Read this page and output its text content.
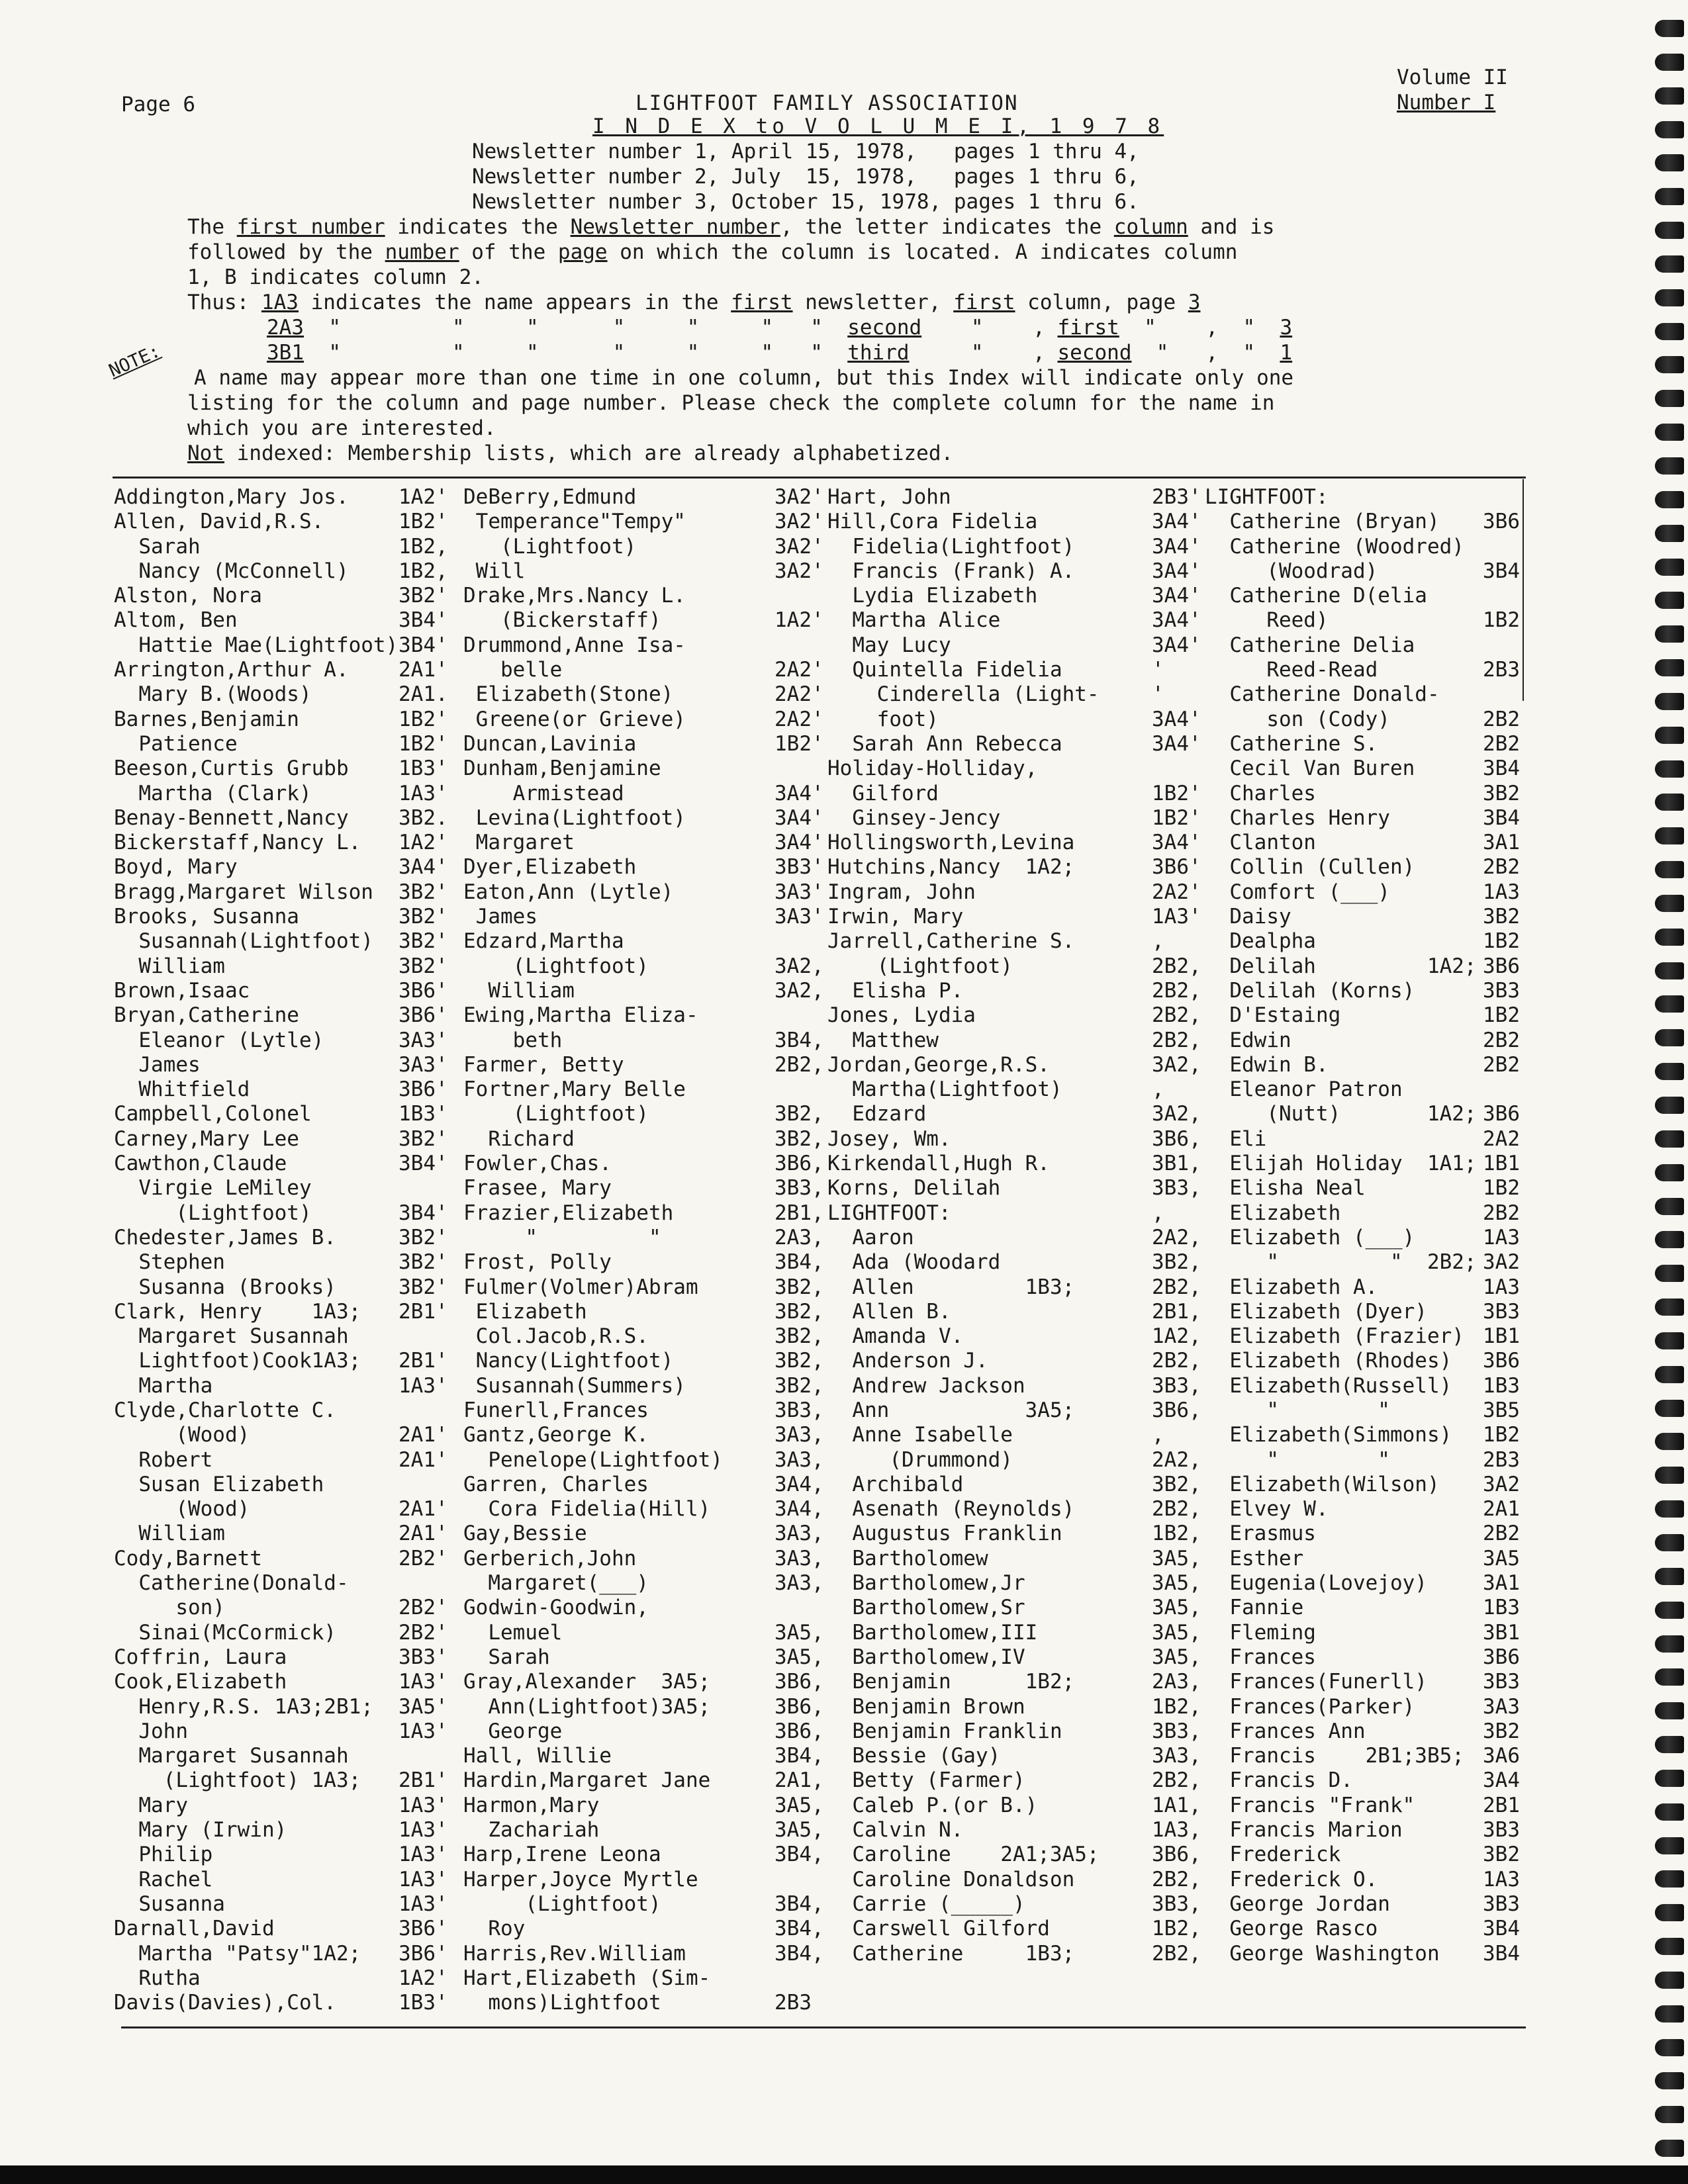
Page 6	LIGHTFOOT FAMILY ASSOCIATION
Volume II
Number I
I N D E X to V O L U M E I, 1 9 7 8
Newsletter number 1, April 15, 1978,   pages 1 thru 4,
Newsletter number 2, July  15, 1978,   pages 1 thru 6,
Newsletter number 3, October 15, 1978, pages 1 thru 6.
The first number indicates the Newsletter number, the letter indicates the column and is
followed by the number of the page on which the column is located. A indicates column
1, B indicates column 2.
Thus: 1A3 indicates the name appears in the first newsletter, first column, page 3
2A3  "         "     "      "     "     "   "  second    "    , first  "    ,  "  3
3B1  "         "     "      "     "     "   "  third     "    , second  "   ,  "  1
NOTE: A name may appear more than one time in one column, but this Index will indicate only one
listing for the column and page number. Please check the complete column for the name in
which you are interested.
Not indexed: Membership lists, which are already alphabetized.
Addington,Mary Jos.	1A2'
Allen, David,R.S.	1B2'
Sarah	1B2,
Nancy (McConnell)	1B2,
Alston, Nora	3B2'
Altom, Ben	3B4'
Hattie Mae(Lightfoot) 3B4'
Arrington,Arthur A.	2A1'
Mary B.(Woods)	2A1.
Barnes,Benjamin	1B2'
Patience	1B2'
Beeson,Curtis Grubb	1B3'
Martha (Clark)	1A3'
Benay-Bennett,Nancy	3B2.
Bickerstaff,Nancy L.	1A2'
Boyd, Mary	3A4'
Bragg,Margaret Wilson	3B2'
Brooks, Susanna	3B2'
Susannah(Lightfoot) 3B2'
William	3B2'
Brown,Isaac	3B6'
Bryan,Catherine	3B6'
Eleanor (Lytle)	3A3'
James	3A3'
Whitfield	3B6'
Campbell,Colonel	1B3'
Carney,Mary Lee	3B2'
Cawthon,Claude	3B4'
Virgie LeMiley
(Lightfoot)	3B4'
Chedester,James B.	3B2'
Stephen	3B2'
Susanna (Brooks)	3B2'
Clark, Henry    1A3;	2B1'
Margaret Susannah
Lightfoot)Cook1A3;	2B1'
Martha	1A3'
Clyde,Charlotte C.
(Wood)	2A1'
Robert	2A1'
Susan Elizabeth
(Wood)	2A1'
William	2A1'
Cody,Barnett	2B2'
Catherine(Donald-
son)	2B2'
Sinai(McCormick)	2B2'
Coffrin, Laura	3B3'
Cook,Elizabeth	1A3'
Henry,R.S. 1A3;2B1;	3A5'
John	1A3'
Margaret Susannah
(Lightfoot) 1A3;	2B1'
Mary	1A3'
Mary (Irwin)	1A3'
Philip	1A3'
Rachel	1A3'
Susanna	1A3'
Darnall,David	3B6'
Martha "Patsy"1A2;	3B6'
Rutha	1A2'
Davis(Davies),Col.	1B3'
DeBerry,Edmund	3A2'
Temperance"Tempy"	3A2'
(Lightfoot)	3A2'
Will	3A2'
Drake,Mrs.Nancy L.
(Bickerstaff)	1A2'
Drummond,Anne Isa-
belle	2A2'
Elizabeth(Stone)	2A2'
Greene(or Grieve)	2A2'
Duncan,Lavinia	1B2'
Dunham,Benjamine
Armistead	3A4'
Levina(Lightfoot)	3A4'
Margaret	3A4'
Dyer,Elizabeth	3B3'
Eaton,Ann (Lytle)	3A3'
James	3A3'
Edzard,Martha
(Lightfoot)	3A2,
William	3A2,
Ewing,Martha Eliza-
beth	3B4,
Farmer, Betty	2B2,
Fortner,Mary Belle
(Lightfoot)	3B2,
Richard	3B2,
Fowler,Chas.	3B6,
Frasee, Mary	3B3,
Frazier,Elizabeth	2B1,
"         "	2A3,
Frost, Polly	3B4,
Fulmer(Volmer)Abram	3B2,
Elizabeth	3B2,
Col.Jacob,R.S.	3B2,
Nancy(Lightfoot)	3B2,
Susannah(Summers)	3B2,
Funerll,Frances	3B3,
Gantz,George K.	3A3,
Penelope(Lightfoot)	3A3,
Garren, Charles	3A4,
Cora Fidelia(Hill)	3A4,
Gay,Bessie	3A3,
Gerberich,John	3A3,
Margaret(___)	3A3,
Godwin-Goodwin,
Lemuel	3A5,
Sarah	3A5,
Gray,Alexander  3A5;	3B6,
Ann(Lightfoot)3A5;	3B6,
George	3B6,
Hall, Willie	3B4,
Hardin,Margaret Jane	2A1,
Harmon,Mary	3A5,
Zachariah	3A5,
Harp,Irene Leona	3B4,
Harper,Joyce Myrtle
(Lightfoot)	3B4,
Roy	3B4,
Harris,Rev.William	3B4,
Hart,Elizabeth (Sim-
mons)Lightfoot	2B3
Hart, John	2B3'
Hill,Cora Fidelia	3A4'
Fidelia(Lightfoot)	3A4'
Francis (Frank) A.	3A4'
Lydia Elizabeth	3A4'
Martha Alice	3A4'
May Lucy	3A4'
Quintella Fidelia	'
Cinderella (Light-	'
foot)	3A4'
Sarah Ann Rebecca	3A4'
Holiday-Holliday,
Gilford	1B2'
Ginsey-Jency	1B2'
Hollingsworth,Levina	3A4'
Hutchins,Nancy  1A2;	3B6'
Ingram, John	2A2'
Irwin, Mary	1A3'
Jarrell,Catherine S.	,
(Lightfoot)	2B2,
Elisha P.	2B2,
Jones, Lydia	2B2,
Matthew	2B2,
Jordan,George,R.S.	3A2,
Martha(Lightfoot)	,
Edzard	3A2,
Josey, Wm.	3B6,
Kirkendall,Hugh R.	3B1,
Korns, Delilah	3B3,
LIGHTFOOT:	,
Aaron	2A2,
Ada (Woodard	3B2,
Allen         1B3;	2B2,
Allen B.	2B1,
Amanda V.	1A2,
Anderson J.	2B2,
Andrew Jackson	3B3,
Ann           3A5;	3B6,
Anne Isabelle	,
(Drummond)	2A2,
Archibald	3B2,
Asenath (Reynolds)	2B2,
Augustus Franklin	1B2,
Bartholomew	3A5,
Bartholomew,Jr	3A5,
Bartholomew,Sr	3A5,
Bartholomew,III	3A5,
Bartholomew,IV	3A5,
Benjamin      1B2;	2A3,
Benjamin Brown	1B2,
Benjamin Franklin	3B3,
Bessie (Gay)	3A3,
Betty (Farmer)	2B2,
Caleb P.(or B.)	1A1,
Calvin N.	1A3,
Caroline    2A1;3A5;	3B6,
Caroline Donaldson	2B2,
Carrie (_____)	3B3,
Carswell Gilford	1B2,
Catherine     1B3;	2B2,
LIGHTFOOT:
Catherine (Bryan) 3B6
Catherine (Woodred)
(Woodrad) 3B4
Catherine D(elia
Reed) 1B2
Catherine Delia
Reed-Read 2B3
Catherine Donald-
son (Cody) 2B2
Catherine S. 2B2
Cecil Van Buren 3B4
Charles 3B2
Charles Henry 3B4
Clanton 3A1
Collin (Cullen) 2B2
Comfort (___) 1A3
Daisy 3B2
Dealpha 1B2
Delilah         1A2; 3B6
Delilah (Korns) 3B3
D'Estaing 1B2
Edwin 2B2
Edwin B. 2B2
Eleanor Patron
(Nutt)       1A2; 3B6
Eli 2A2
Elijah Holiday  1A1; 1B1
Elisha Neal 1B2
Elizabeth 2B2
Elizabeth (___) 1A3
"         "  2B2; 3A2
Elizabeth A. 1A3
Elizabeth (Dyer) 3B3
Elizabeth (Frazier) 1B1
Elizabeth (Rhodes) 3B6
Elizabeth(Russell) 1B3
"        " 3B5
Elizabeth(Simmons) 1B2
"        " 2B3
Elizabeth(Wilson) 3A2
Elvey W. 2A1
Erasmus 2B2
Esther 3A5
Eugenia(Lovejoy) 3A1
Fannie 1B3
Fleming 3B1
Frances 3B6
Frances(Funerll) 3B3
Frances(Parker) 3A3
Frances Ann 3B2
Francis    2B1;3B5; 3A6
Francis D. 3A4
Francis "Frank" 2B1
Francis Marion 3B3
Frederick 3B2
Frederick O. 1A3
George Jordan 3B3
George Rasco 3B4
George Washington 3B4
